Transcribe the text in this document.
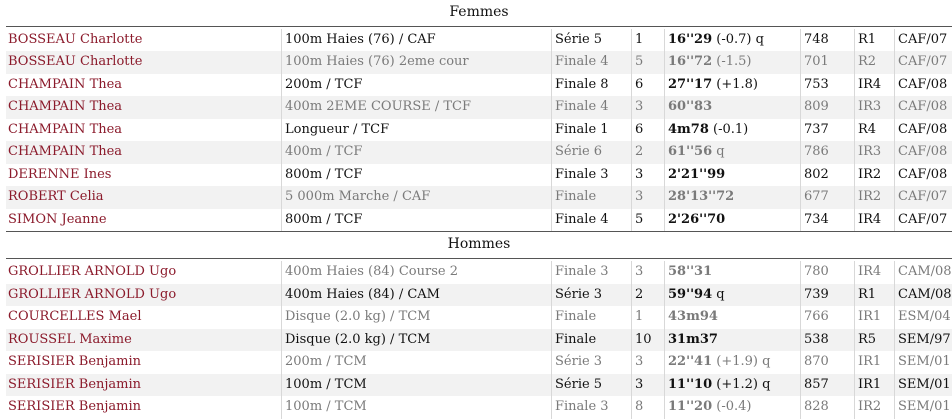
Femmes
BOSSEAU Charlotte	100m Haies (76) / CAF	Série 5	1	16''29 (-0.7) q	748	R1	CAF/07
BOSSEAU Charlotte	100m Haies (76) 2eme cour	Finale 4	5	16''72 (-1.5)	701	R2	CAF/07
CHAMPAIN Thea	200m / TCF	Finale 8	6	27''17 (+1.8)	753	IR4	CAF/08
CHAMPAIN Thea	400m 2EME COURSE / TCF	Finale 4	3	60''83	809	IR3	CAF/08
CHAMPAIN Thea	Longueur / TCF	Finale 1	6	4m78 (-0.1)	737	R4	CAF/08
CHAMPAIN Thea	400m / TCF	Série 6	2	61''56 q	786	IR3	CAF/08
DERENNE Ines	800m / TCF	Finale 3	3	2'21''99	802	IR2	CAF/08
ROBERT Celia	5 000m Marche / CAF	Finale	3	28'13''72	677	IR2	CAF/07
SIMON Jeanne	800m / TCF	Finale 4	5	2'26''70	734	IR4	CAF/07
Hommes
GROLLIER ARNOLD Ugo	400m Haies (84) Course 2	Finale 3	3	58''31	780	IR4	CAM/08
GROLLIER ARNOLD Ugo	400m Haies (84) / CAM	Série 3	2	59''94 q	739	R1	CAM/08
COURCELLES Mael	Disque (2.0 kg) / TCM	Finale	1	43m94	766	IR1	ESM/04
ROUSSEL Maxime	Disque (2.0 kg) / TCM	Finale	10	31m37	538	R5	SEM/97
SERISIER Benjamin	200m / TCM	Série 3	3	22''41 (+1.9) q	870	IR1	SEM/01
SERISIER Benjamin	100m / TCM	Série 5	3	11''10 (+1.2) q	857	IR1	SEM/01
SERISIER Benjamin	100m / TCM	Finale 3	8	11''20 (-0.4)	828	IR2	SEM/01
